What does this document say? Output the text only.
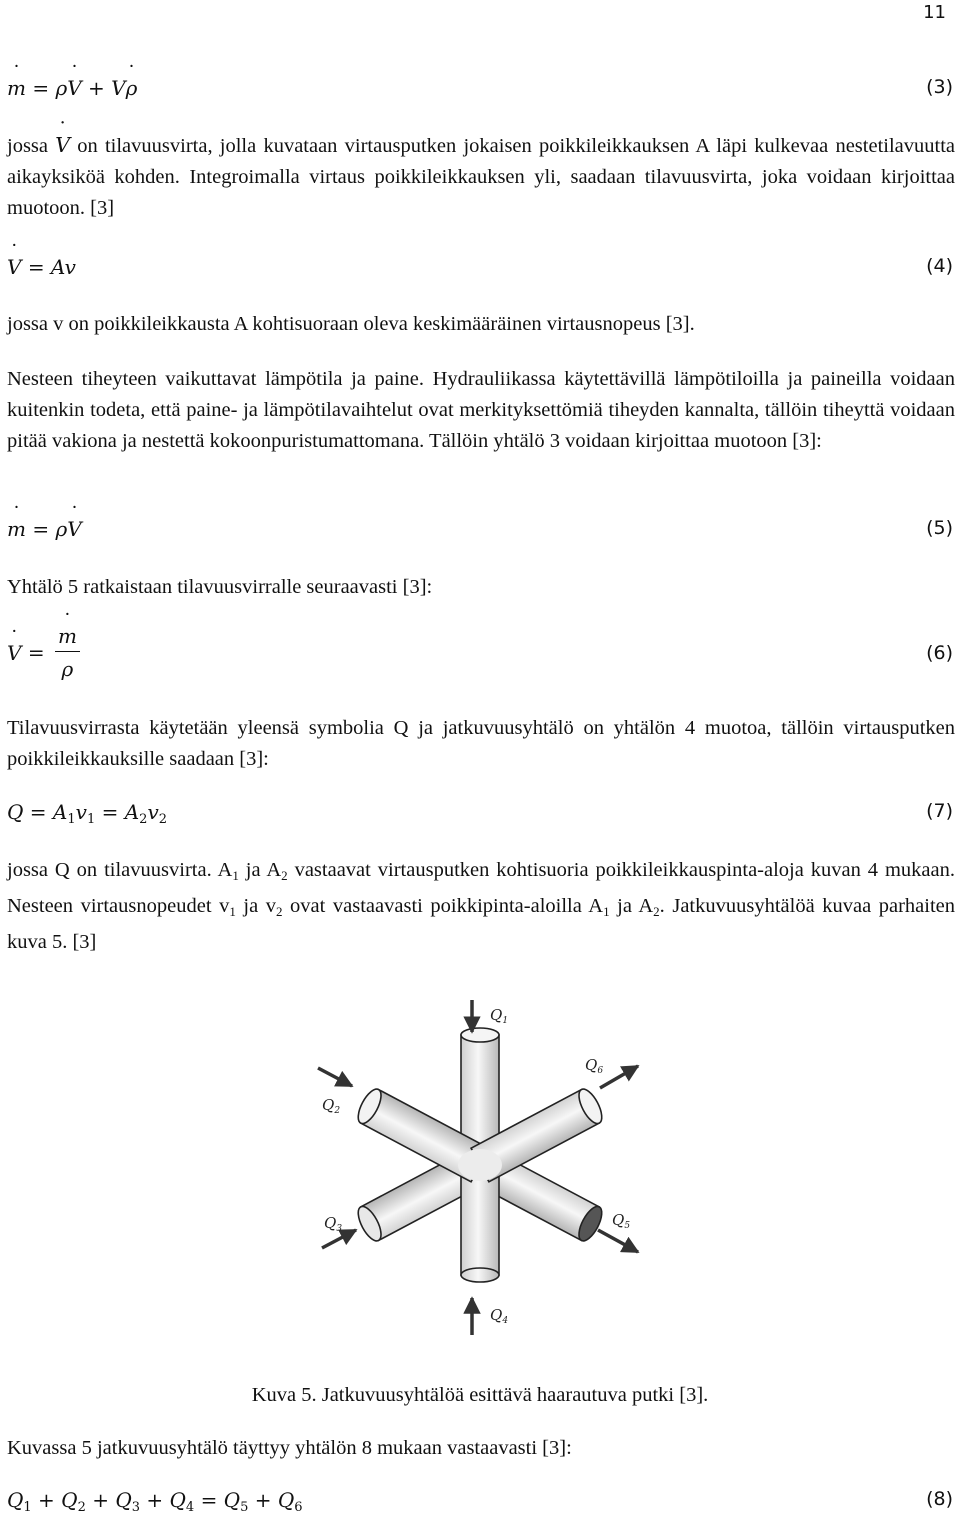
11
m ˙ = ρV ˙ + Vρ ˙	(3)
jossa V ˙ on tilavuusvirta, jolla kuvataan virtausputken jokaisen poikkileikkauksen A läpi kulkevaa nestetilavuutta aikayksiköä kohden. Integroimalla virtaus poikkileikkauksen yli, saadaan tilavuusvirta, joka voidaan kirjoittaa muotoon. [3]
V ˙ = Av	(4)
jossa v on poikkileikkausta A kohtisuoraan oleva keskimääräinen virtausnopeus [3].
Nesteen tiheyteen vaikuttavat lämpötila ja paine. Hydrauliikassa käytettävillä lämpötiloilla ja paineilla voidaan kuitenkin todeta, että paine- ja lämpötilavaihtelut ovat merkityksettömiä tiheyden kannalta, tällöin tiheyttä voidaan pitää vakiona ja nestettä kokoonpuristumattomana. Tällöin yhtälö 3 voidaan kirjoittaa muotoon [3]:
m ˙ = ρV ˙	(5)
Yhtälö 5 ratkaistaan tilavuusvirralle seuraavasti [3]:
V ˙ = $\frac{m ˙}{\rho}$	(6)
Tilavuusvirrasta käytetään yleensä symbolia Q ja jatkuvuusyhtälö on yhtälön 4 muotoa, tällöin virtausputken poikkileikkauksille saadaan [3]:
$Q = A_1v_1 = A_2v_2$	(7)
jossa Q on tilavuusvirta. $A_1$ ja $A_2$ vastaavat virtausputken kohtisuoria poikkileikkauspinta-aloja kuvan 4 mukaan. Nesteen virtausnopeudet $v_1$ ja $v_2$ ovat vastaavasti poikkipinta-aloilla $A_1$ ja $A_2$. Jatkuvuusyhtälöä kuvaa parhaiten kuva 5. [3]
$Q_1$
$Q_2$
$Q_3$
$Q_4$
$Q_5$
$Q_6$
Kuva 5. Jatkuvuusyhtälöä esittävä haarautuva putki [3].
Kuvassa 5 jatkuvuusyhtälö täyttyy yhtälön 8 mukaan vastaavasti [3]:
$Q_1 + Q_2 + Q_3 + Q_4 = Q_5 + Q_6$	(8)
